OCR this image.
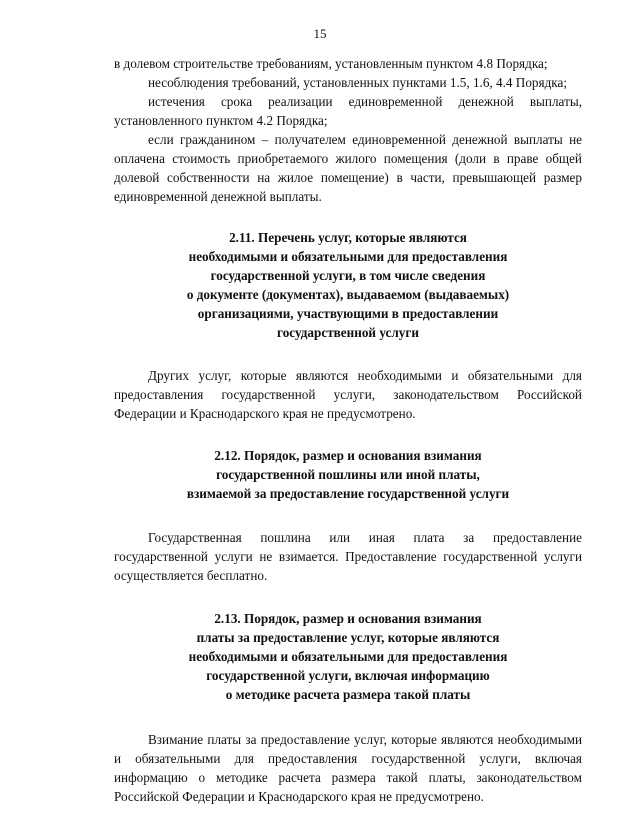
15

в долевом строительстве требованиям, установленным пунктом 4.8 Порядка;

несоблюдения требований, установленных пунктами 1.5, 1.6, 4.4 Порядка;

истечения срока реализации единовременной денежной выплаты, установленного пунктом 4.2 Порядка;

если гражданином – получателем единовременной денежной выплаты не оплачена стоимость приобретаемого жилого помещения (доли в праве общей долевой собственности на жилое помещение) в части, превышающей размер единовременной денежной выплаты.

2.11. Перечень услуг, которые являются
необходимыми и обязательными для предоставления
государственной услуги, в том числе сведения
о документе (документах), выдаваемом (выдаваемых)
организациями, участвующими в предоставлении
государственной услуги

Других услуг, которые являются необходимыми и обязательными для предоставления государственной услуги, законодательством Российской Федерации и Краснодарского края не предусмотрено.

2.12. Порядок, размер и основания взимания
государственной пошлины или иной платы,
взимаемой за предоставление государственной услуги

Государственная пошлина или иная плата за предоставление государственной услуги не взимается. Предоставление государственной услуги осуществляется бесплатно.

2.13. Порядок, размер и основания взимания
платы за предоставление услуг, которые являются
необходимыми и обязательными для предоставления
государственной услуги, включая информацию
о методике расчета размера такой платы

Взимание платы за предоставление услуг, которые являются необходимыми и обязательными для предоставления государственной услуги, включая информацию о методике расчета размера такой платы, законодательством Российской Федерации и Краснодарского края не предусмотрено.
